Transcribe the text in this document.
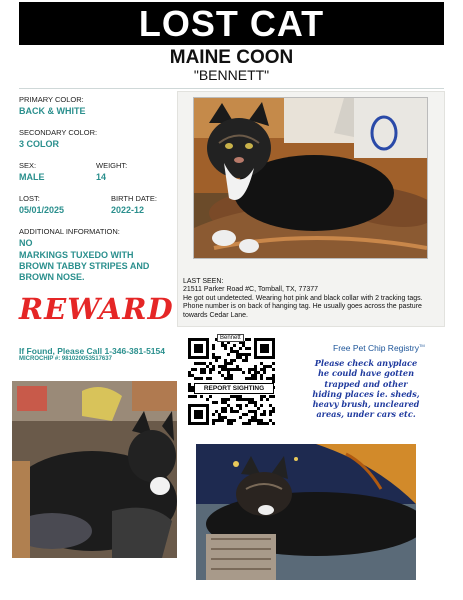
LOST CAT
MAINE COON
"BENNETT"
PRIMARY COLOR:
BACK & WHITE
SECONDARY COLOR:
3 COLOR
SEX:
MALE
WEIGHT:
14
LOST:
05/01/2025
BIRTH DATE:
2022-12
ADDITIONAL INFORMATION:
NO
MARKINGS TUXEDO WITH
BROWN TABBY STRIPES AND
BROWN NOSE.	LAST SEEN:
21511 Parker Road #C, Tomball, TX, 77377
He got out undetected. Wearing hot pink and black collar with 2 tracking tags.
Phone number is on back of hanging tag. He usually goes across the pasture
towards Cedar Lane.
REWARD
If Found, Please Call 1-346-381-5154
MICROCHIP #: 981020053517637
Bennett
REPORT SIGHTING
Free Pet Chip Registry™
Please check anyplace
he could have gotten
trapped and other
hiding places ie. sheds,
heavy brush, uncleared
areas, under cars etc.
